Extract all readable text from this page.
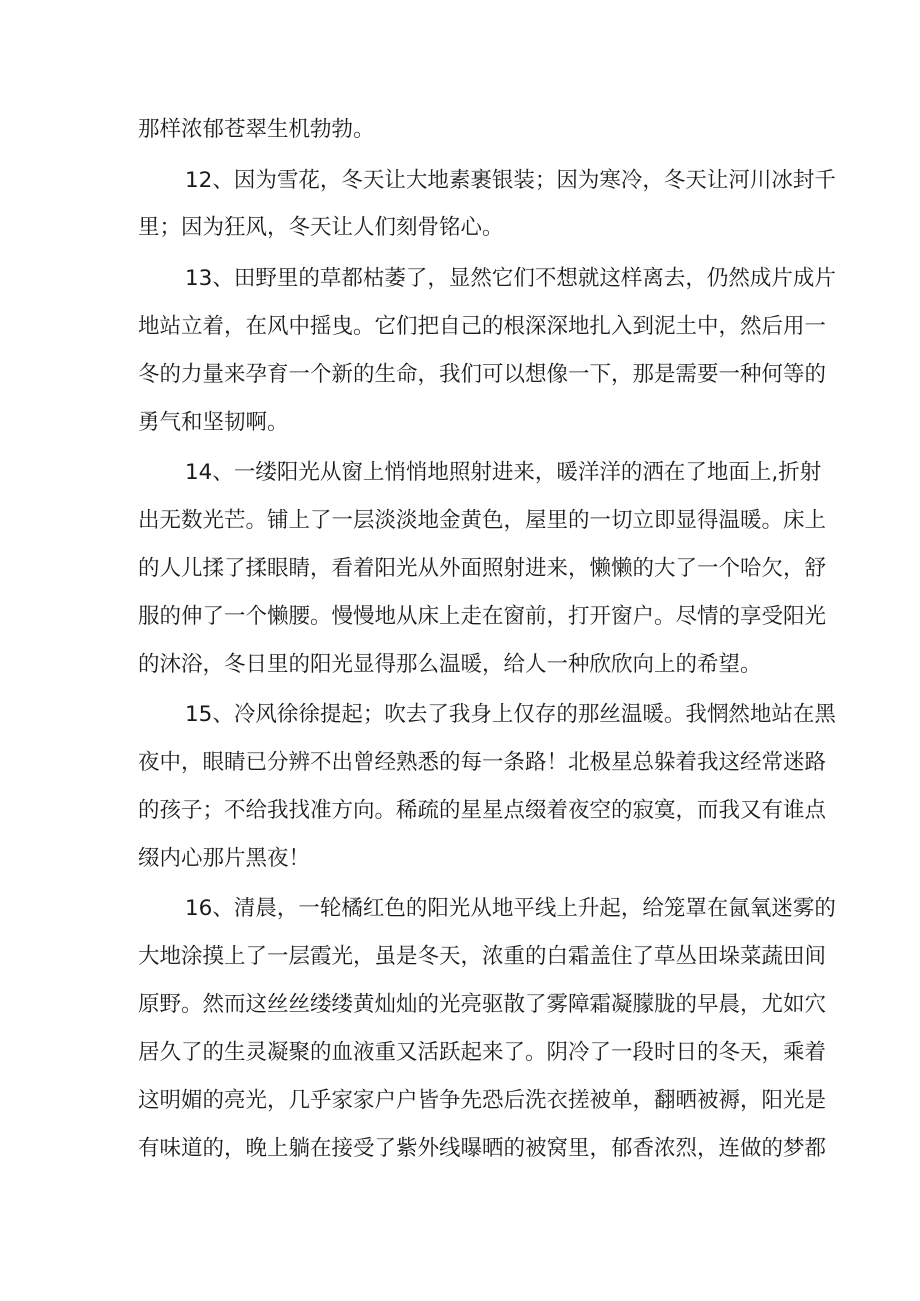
那样浓郁苍翠生机勃勃。
12、因为雪花，冬天让大地素裹银装；因为寒冷，冬天让河川冰封千
里；因为狂风，冬天让人们刻骨铭心。
13、田野里的草都枯萎了，显然它们不想就这样离去，仍然成片成片
地站立着，在风中摇曳。它们把自己的根深深地扎入到泥土中，然后用一
冬的力量来孕育一个新的生命，我们可以想像一下，那是需要一种何等的
勇气和坚韧啊。
14、一缕阳光从窗上悄悄地照射进来，暖洋洋的洒在了地面上,折射
出无数光芒。铺上了一层淡淡地金黄色，屋里的一切立即显得温暖。床上
的人儿揉了揉眼睛，看着阳光从外面照射进来，懒懒的大了一个哈欠，舒
服的伸了一个懒腰。慢慢地从床上走在窗前，打开窗户。尽情的享受阳光
的沐浴，冬日里的阳光显得那么温暖，给人一种欣欣向上的希望。
15、冷风徐徐提起；吹去了我身上仅存的那丝温暖。我惘然地站在黑
夜中，眼睛已分辨不出曾经熟悉的每一条路！北极星总躲着我这经常迷路
的孩子；不给我找准方向。稀疏的星星点缀着夜空的寂寞，而我又有谁点
缀内心那片黑夜！
16、清晨，一轮橘红色的阳光从地平线上升起，给笼罩在氤氧迷雾的
大地涂摸上了一层霞光，虽是冬天，浓重的白霜盖住了草丛田垛菜蔬田间
原野。然而这丝丝缕缕黄灿灿的光亮驱散了雾障霜凝朦胧的早晨，尤如穴
居久了的生灵凝聚的血液重又活跃起来了。阴冷了一段时日的冬天，乘着
这明媚的亮光，几乎家家户户皆争先恐后洗衣搓被单，翻晒被褥，阳光是
有味道的，晚上躺在接受了紫外线曝晒的被窝里，郁香浓烈，连做的梦都
